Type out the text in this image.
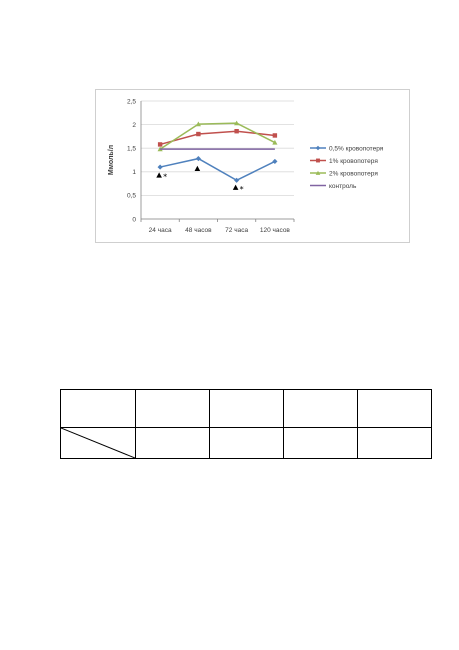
0
0,5
1
1,5
2
2,5
24 часа 48 часов 72 часа 120 часов
Ммоль/л
*
*
0,5% кровопотеря
1% кровопотеря
2% кровопотеря
контроль
